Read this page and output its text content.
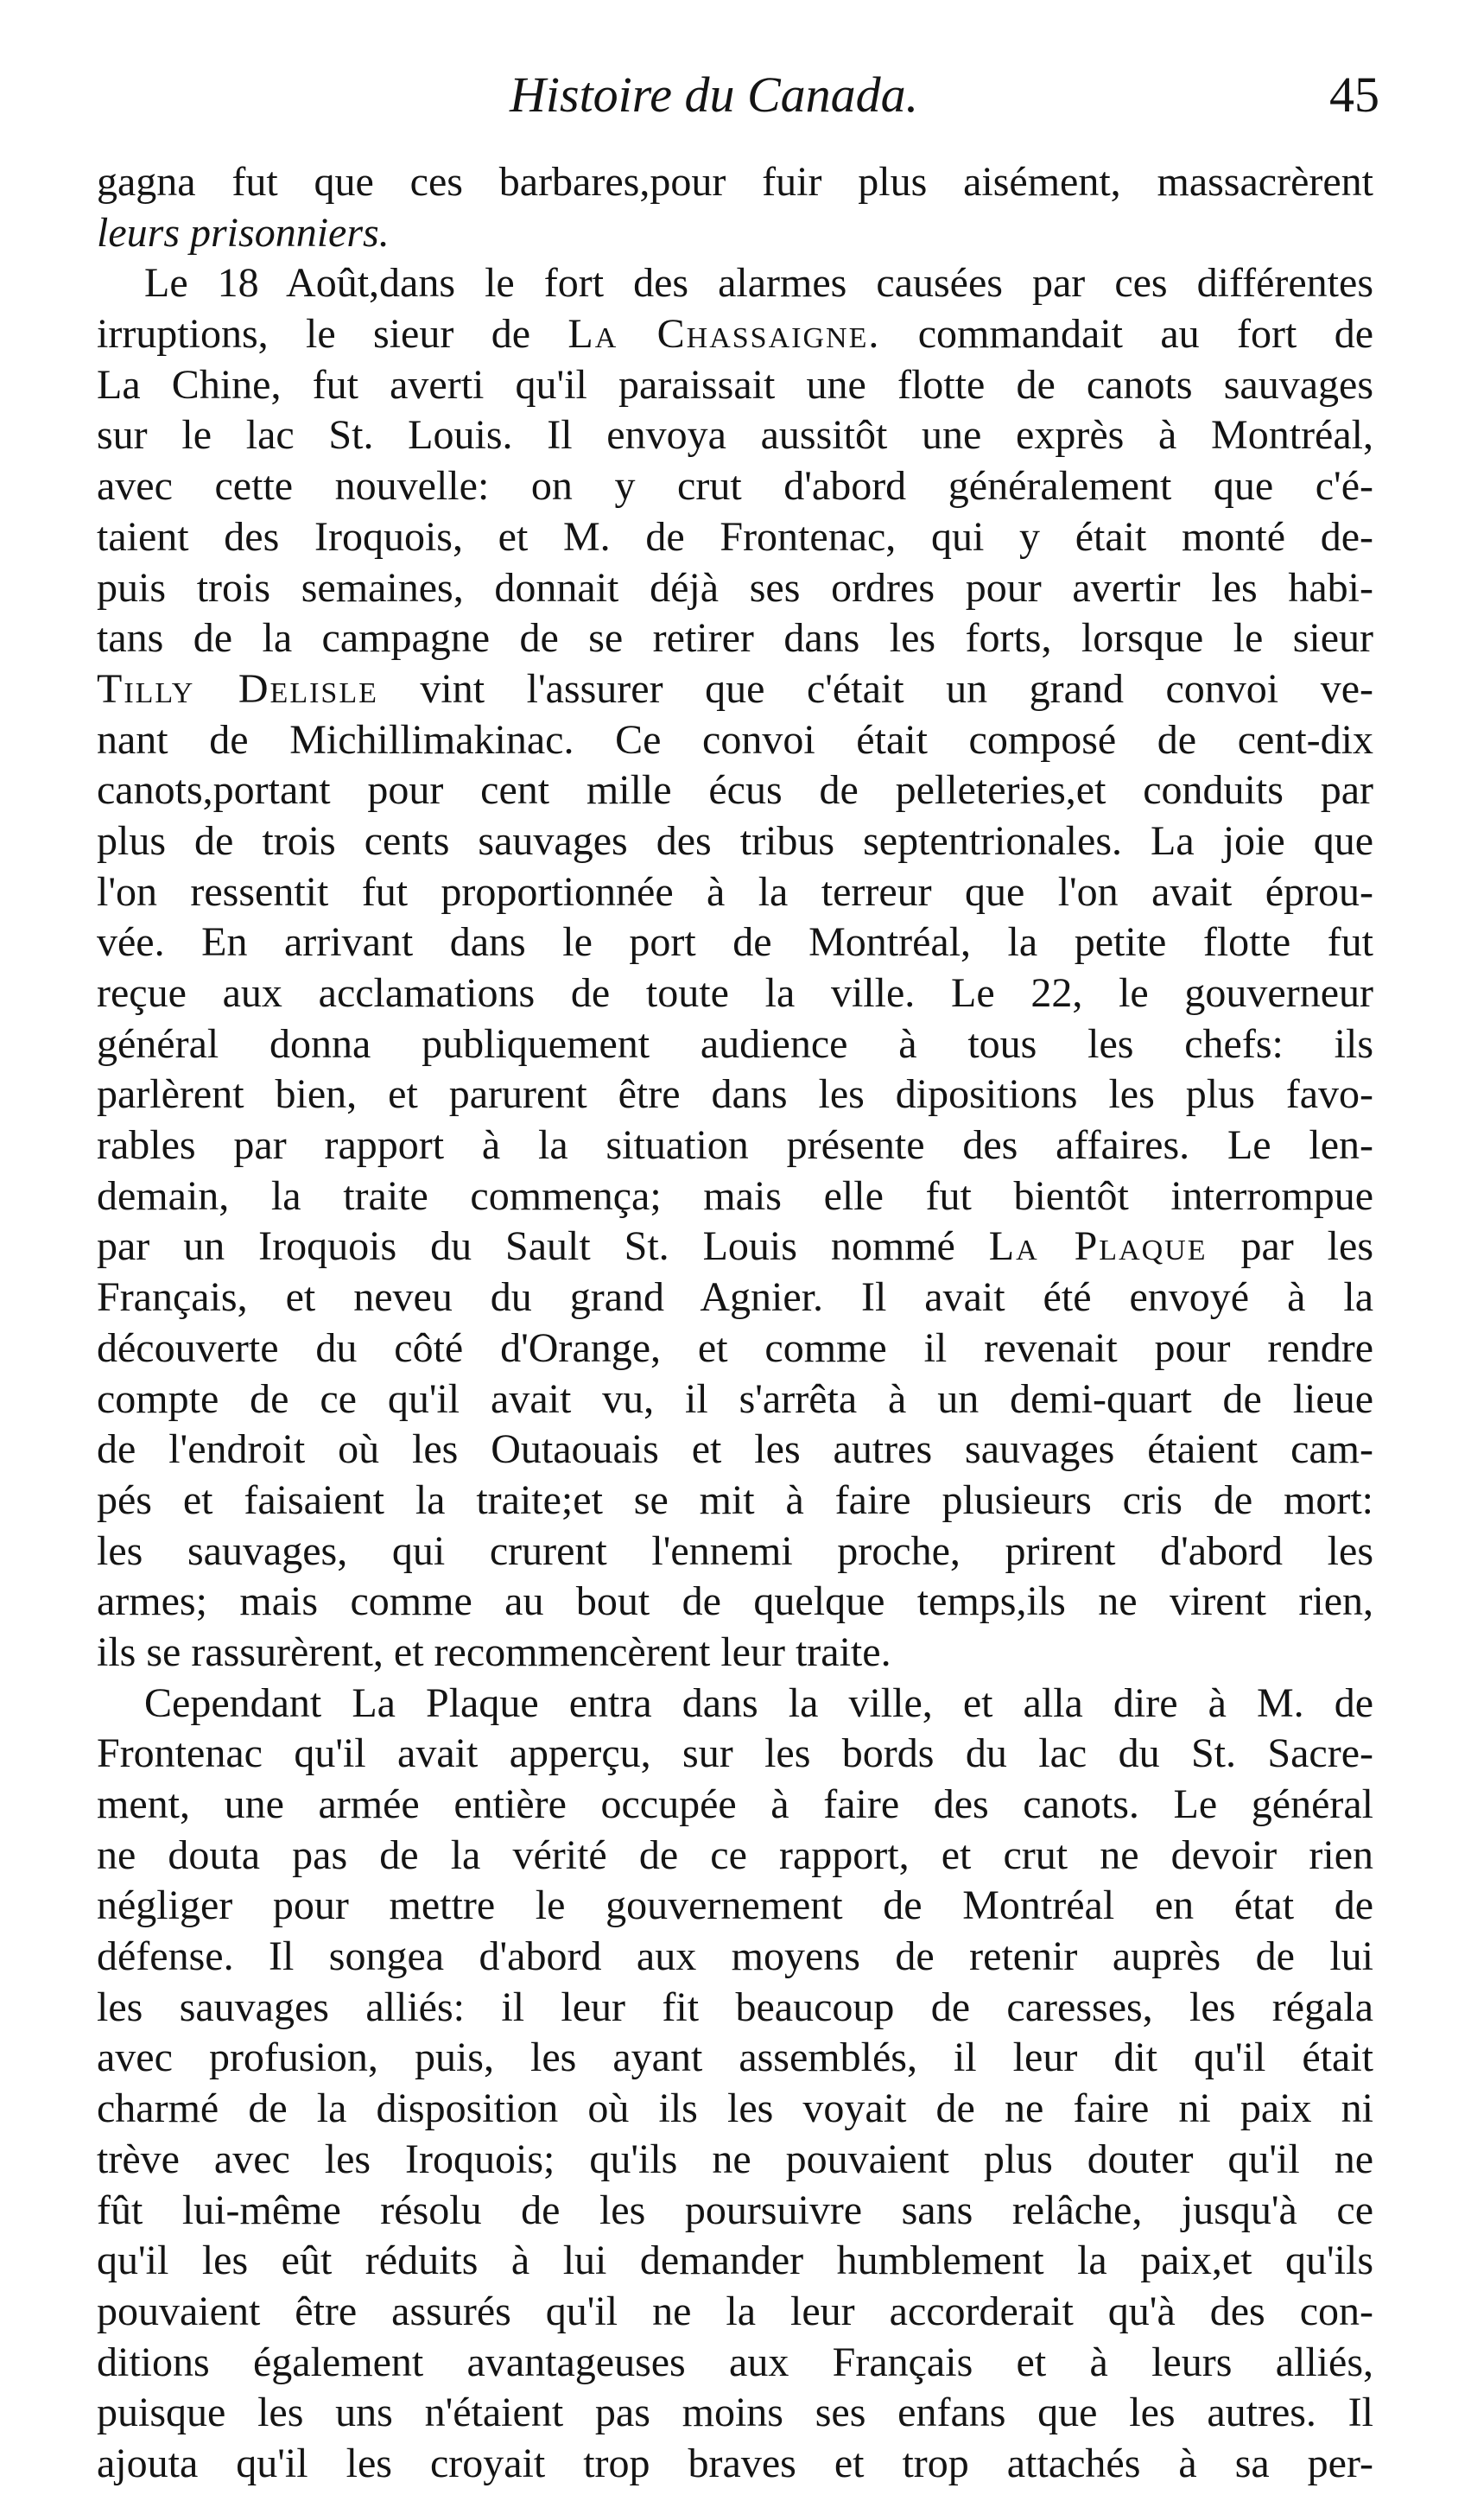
Histoire du Canada.	45
gagna fut que ces barbares,pour fuir plus aisément, massacrèrent
leurs prisonniers.
Le 18 Août,dans le fort des alarmes causées par ces différentes
irruptions, le sieur de La Chassaigne. commandait au fort de
La Chine, fut averti qu'il paraissait une flotte de canots sauvages
sur le lac St. Louis. Il envoya aussitôt une exprès à Montréal,
avec cette nouvelle: on y crut d'abord généralement que c'é-
taient des Iroquois, et M. de Frontenac, qui y était monté de-
puis trois semaines, donnait déjà ses ordres pour avertir les habi-
tans de la campagne de se retirer dans les forts, lorsque le sieur
Tilly Delisle vint l'assurer que c'était un grand convoi ve-
nant de Michillimakinac. Ce convoi était composé de cent-dix
canots,portant pour cent mille écus de pelleteries,et conduits par
plus de trois cents sauvages des tribus septentrionales. La joie que
l'on ressentit fut proportionnée à la terreur que l'on avait éprou-
vée. En arrivant dans le port de Montréal, la petite flotte fut
reçue aux acclamations de toute la ville. Le 22, le gouverneur
général donna publiquement audience à tous les chefs: ils
parlèrent bien, et parurent être dans les dipositions les plus favo-
rables par rapport à la situation présente des affaires. Le len-
demain, la traite commença; mais elle fut bientôt interrompue
par un Iroquois du Sault St. Louis nommé La Plaque par les
Français, et neveu du grand Agnier. Il avait été envoyé à la
découverte du côté d'Orange, et comme il revenait pour rendre
compte de ce qu'il avait vu, il s'arrêta à un demi-quart de lieue
de l'endroit où les Outaouais et les autres sauvages étaient cam-
pés et faisaient la traite;et se mit à faire plusieurs cris de mort:
les sauvages, qui crurent l'ennemi proche, prirent d'abord les
armes; mais comme au bout de quelque temps,ils ne virent rien,
ils se rassurèrent, et recommencèrent leur traite.
Cependant La Plaque entra dans la ville, et alla dire à M. de
Frontenac qu'il avait apperçu, sur les bords du lac du St. Sacre-
ment, une armée entière occupée à faire des canots. Le général
ne douta pas de la vérité de ce rapport, et crut ne devoir rien
négliger pour mettre le gouvernement de Montréal en état de
défense. Il songea d'abord aux moyens de retenir auprès de lui
les sauvages alliés: il leur fit beaucoup de caresses, les régala
avec profusion, puis, les ayant assemblés, il leur dit qu'il était
charmé de la disposition où ils les voyait de ne faire ni paix ni
trève avec les Iroquois; qu'ils ne pouvaient plus douter qu'il ne
fût lui-même résolu de les poursuivre sans relâche, jusqu'à ce
qu'il les eût réduits à lui demander humblement la paix,et qu'ils
pouvaient être assurés qu'il ne la leur accorderait qu'à des con-
ditions également avantageuses aux Français et à leurs alliés,
puisque les uns n'étaient pas moins ses enfans que les autres. Il
ajouta qu'il les croyait trop braves et trop attachés à sa per-
